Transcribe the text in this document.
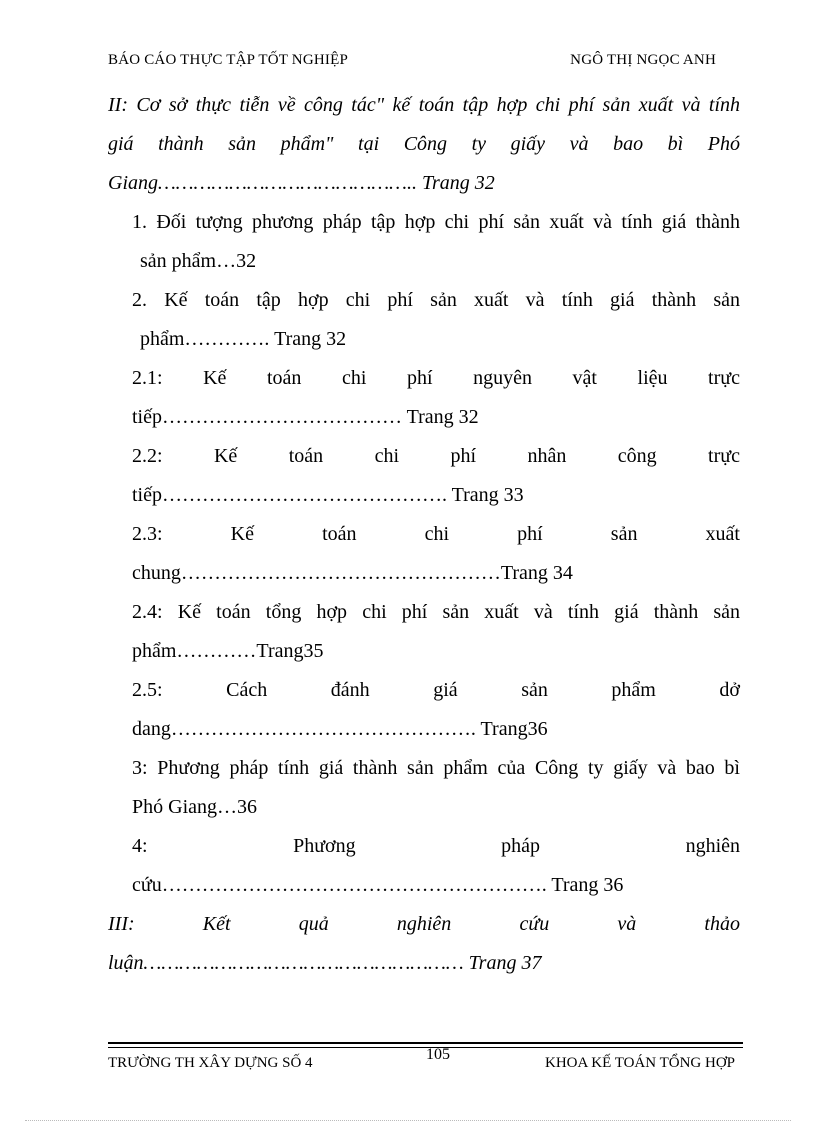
BÁO CÁO THỰC TẬP TỐT NGHIỆP	NGÔ THỊ NGỌC ANH
II: Cơ sở thực tiễn về công tác" kế toán tập hợp chi phí sản xuất và tính
giá thành sản phẩm" tại Công ty giấy và bao bì Phó
Giang…………………………………….. Trang 32
1. Đối tượng phương pháp tập hợp chi phí sản xuất và tính giá thành
sản phẩm…32
2. Kế toán tập hợp chi phí sản xuất và tính giá thành sản
phẩm…………. Trang 32
2.1: Kế toán chi phí nguyên vật liệu trực
tiếp……………………………… Trang 32
2.2: Kế toán chi phí nhân công trực
tiếp……………………………………. Trang 33
2.3: Kế toán chi phí sản xuất
chung…………………………………………Trang 34
2.4: Kế toán tổng hợp chi phí sản xuất và tính giá thành sản
phẩm…………Trang35
2.5: Cách đánh giá sản phẩm dở
dang………………………………………. Trang36
3: Phương pháp tính giá thành sản phẩm của Công ty giấy và bao bì
Phó Giang…36
4: Phương pháp nghiên
cứu…………………………………………………. Trang 36
III: Kết quả nghiên cứu và thảo
luận……………………………………………… Trang 37
TRƯỜNG TH XÂY DỰNG SỐ 4	105	KHOA KẾ TOÁN TỔNG HỢP
